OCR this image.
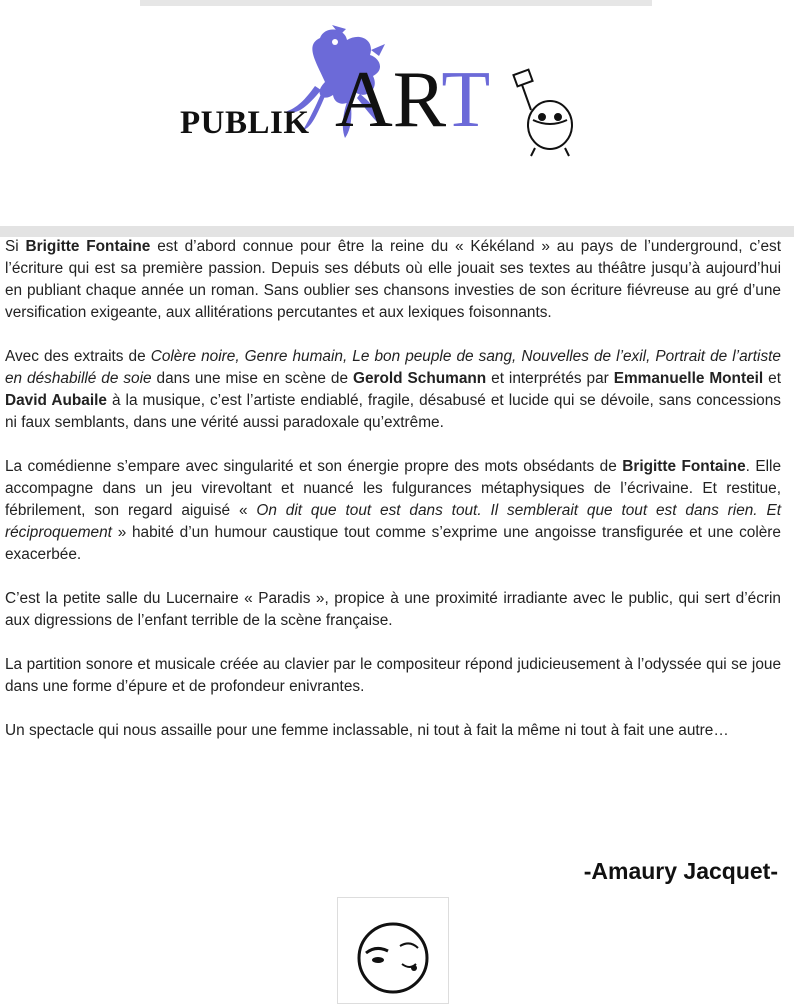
PUBLIK ART

Si Brigitte Fontaine est d’abord connue pour être la reine du « Kékéland » au pays de l’underground, c’est l’écriture qui est sa première passion. Depuis ses débuts où elle jouait ses textes au théâtre jusqu’à aujourd’hui en publiant chaque année un roman. Sans oublier ses chansons investies de son écriture fiévreuse au gré d’une versification exigeante, aux allitérations percutantes et aux lexiques foisonnants.

Avec des extraits de Colère noire, Genre humain, Le bon peuple de sang, Nouvelles de l’exil, Portrait de l’artiste en déshabillé de soie dans une mise en scène de Gerold Schumann et interprétés par Emmanuelle Monteil et David Aubaile à la musique, c’est l’artiste endiablé, fragile, désabusé et lucide qui se dévoile, sans concessions ni faux semblants, dans une vérité aussi paradoxale qu’extrême.

La comédienne s’empare avec singularité et son énergie propre des mots obsédants de Brigitte Fontaine. Elle accompagne dans un jeu virevoltant et nuancé les fulgurances métaphysiques de l’écrivaine. Et restitue, fébrilement, son regard aiguisé « On dit que tout est dans tout. Il semblerait que tout est dans rien. Et réciproquement » habité d’un humour caustique tout comme s’exprime une angoisse transfigurée et une colère exacerbée.

C’est la petite salle du Lucernaire « Paradis », propice à une proximité irradiante avec le public, qui sert d’écrin aux digressions de l’enfant terrible de la scène française.

La partition sonore et musicale créée au clavier par le compositeur répond judicieusement à l’odyssée qui se joue dans une forme d’épure et de profondeur enivrantes.

Un spectacle qui nous assaille pour une femme inclassable, ni tout à fait la même ni tout à fait une autre…

-Amaury Jacquet-
